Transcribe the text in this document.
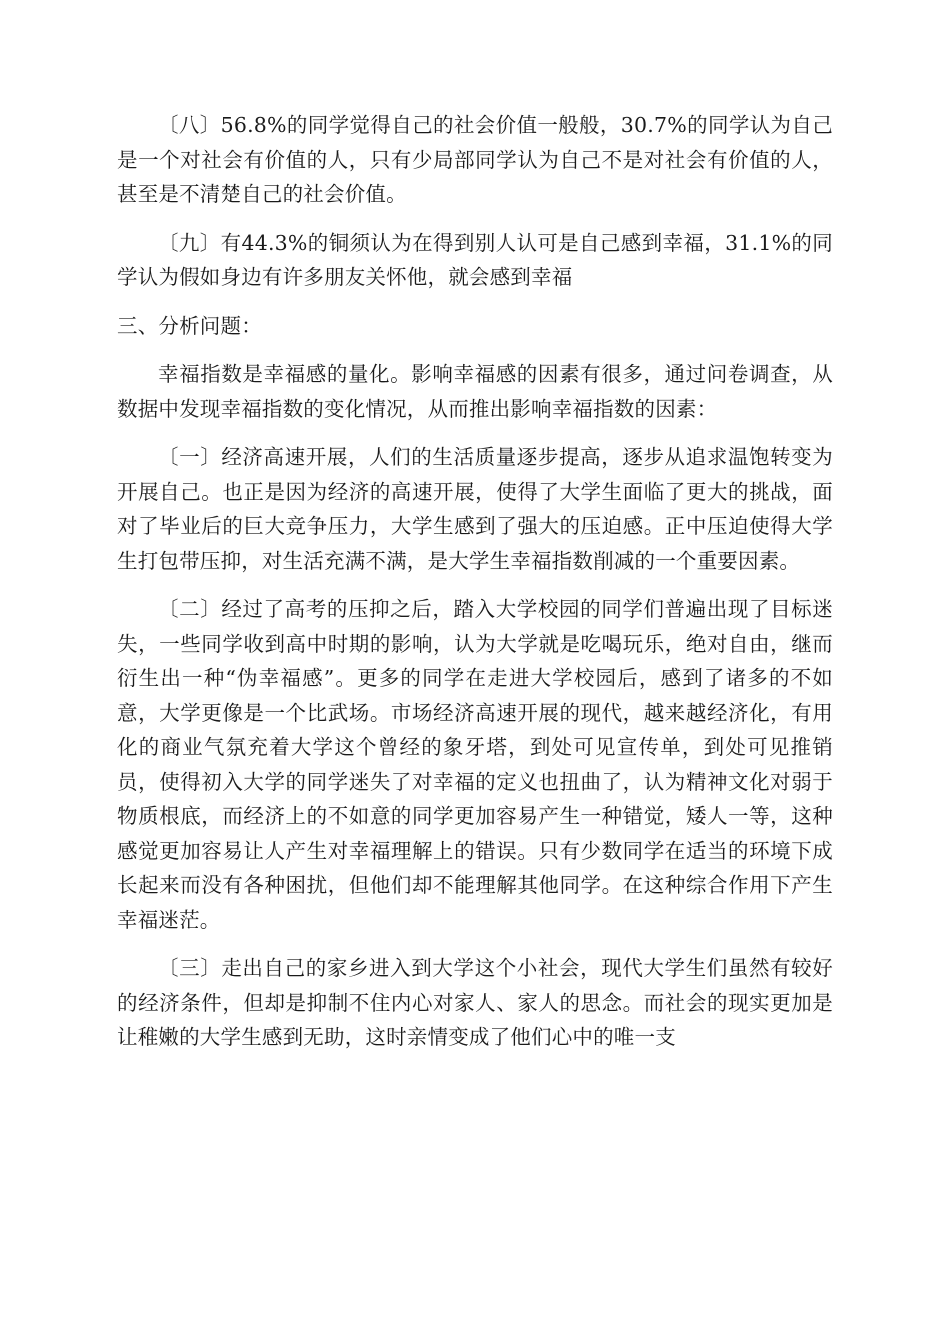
〔八〕56.8%的同学觉得自己的社会价值一般般，30.7%的同学认为自己是一个对社会有价值的人，只有少局部同学认为自己不是对社会有价值的人，甚至是不清楚自己的社会价值。

〔九〕有44.3%的铜须认为在得到别人认可是自己感到幸福，31.1%的同学认为假如身边有许多朋友关怀他，就会感到幸福

三、分析问题：

幸福指数是幸福感的量化。影响幸福感的因素有很多，通过问卷调查，从数据中发现幸福指数的变化情况，从而推出影响幸福指数的因素：

〔一〕经济高速开展，人们的生活质量逐步提高，逐步从追求温饱转变为开展自己。也正是因为经济的高速开展，使得了大学生面临了更大的挑战，面对了毕业后的巨大竞争压力，大学生感到了强大的压迫感。正中压迫使得大学生打包带压抑，对生活充满不满，是大学生幸福指数削减的一个重要因素。

〔二〕经过了高考的压抑之后，踏入大学校园的同学们普遍出现了目标迷失，一些同学收到高中时期的影响，认为大学就是吃喝玩乐，绝对自由，继而衍生出一种“伪幸福感”。更多的同学在走进大学校园后，感到了诸多的不如意，大学更像是一个比武场。市场经济高速开展的现代，越来越经济化，有用化的商业气氛充着大学这个曾经的象牙塔，到处可见宣传单，到处可见推销员，使得初入大学的同学迷失了对幸福的定义也扭曲了，认为精神文化对弱于物质根底，而经济上的不如意的同学更加容易产生一种错觉，矮人一等，这种感觉更加容易让人产生对幸福理解上的错误。只有少数同学在适当的环境下成长起来而没有各种困扰，但他们却不能理解其他同学。在这种综合作用下产生幸福迷茫。

〔三〕走出自己的家乡进入到大学这个小社会，现代大学生们虽然有较好的经济条件，但却是抑制不住内心对家人、家人的思念。而社会的现实更加是让稚嫩的大学生感到无助，这时亲情变成了他们心中的唯一支
